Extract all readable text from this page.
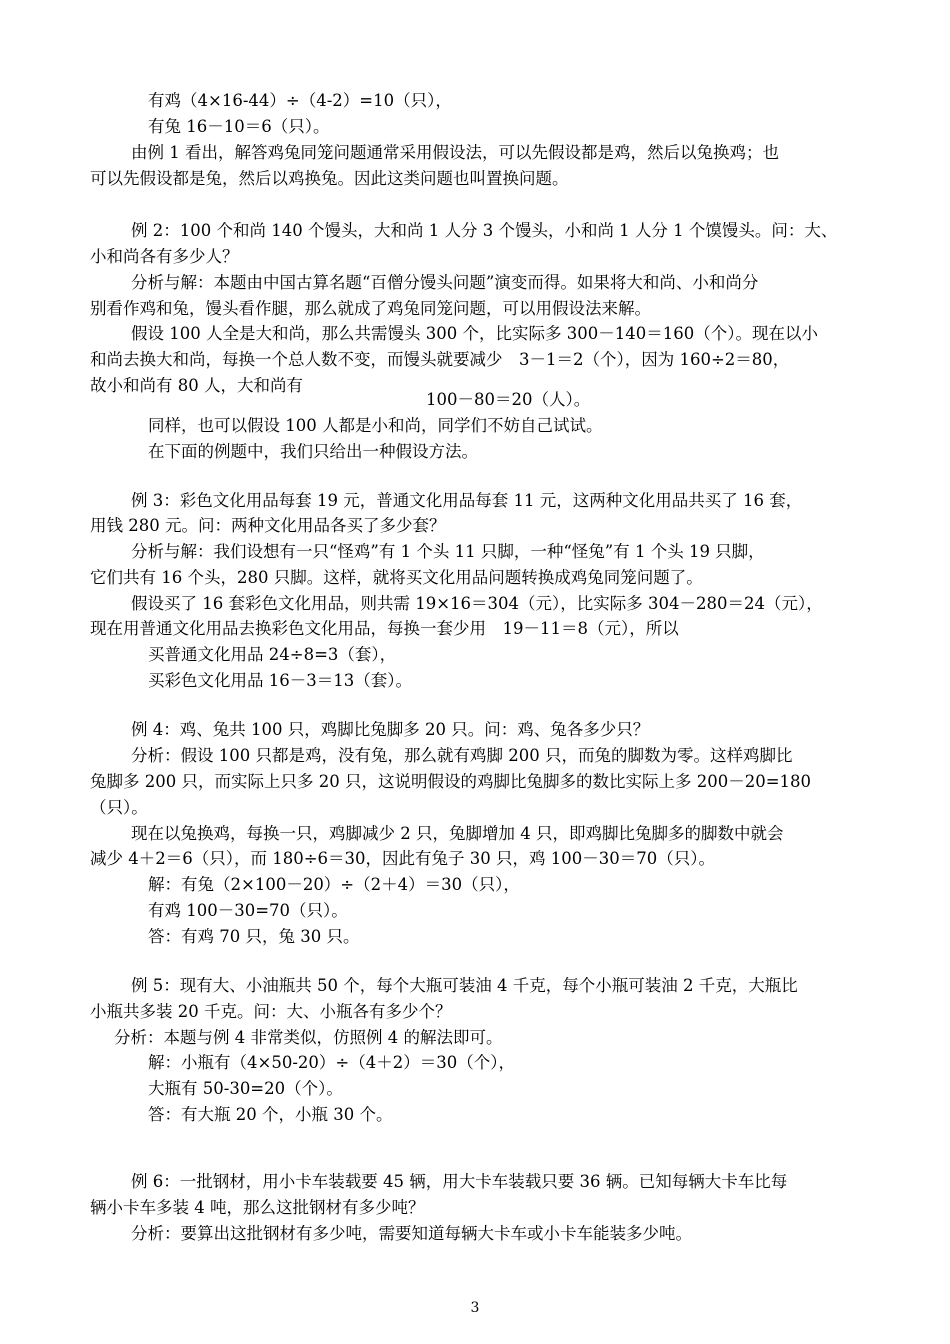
有鸡（4×16-44）÷（4-2）=10（只），
有兔 16－10＝6（只）。
由例 1 看出，解答鸡兔同笼问题通常采用假设法，可以先假设都是鸡，然后以兔换鸡；也
可以先假设都是兔，然后以鸡换兔。因此这类问题也叫置换问题。
例 2：100 个和尚 140 个馒头，大和尚 1 人分 3 个馒头，小和尚 1 人分 1 个馍馒头。问：大、
小和尚各有多少人？
分析与解：本题由中国古算名题“百僧分馒头问题”演变而得。如果将大和尚、小和尚分
别看作鸡和兔，馒头看作腿，那么就成了鸡兔同笼问题，可以用假设法来解。
假设 100 人全是大和尚，那么共需馒头 300 个，比实际多 300－140＝160（个）。现在以小
和尚去换大和尚，每换一个总人数不变，而馒头就要减少　3－1＝2（个），因为 160÷2＝80，
故小和尚有 80 人，大和尚有
100－80＝20（人）。
同样，也可以假设 100 人都是小和尚，同学们不妨自己试试。
在下面的例题中，我们只给出一种假设方法。
例 3：彩色文化用品每套 19 元，普通文化用品每套 11 元，这两种文化用品共买了 16 套，
用钱 280 元。问：两种文化用品各买了多少套？
分析与解：我们设想有一只“怪鸡”有 1 个头 11 只脚，一种“怪兔”有 1 个头 19 只脚，
它们共有 16 个头，280 只脚。这样，就将买文化用品问题转换成鸡兔同笼问题了。
假设买了 16 套彩色文化用品，则共需 19×16＝304（元），比实际多 304－280＝24（元），
现在用普通文化用品去换彩色文化用品，每换一套少用　19－11＝8（元），所以
买普通文化用品 24÷8=3（套），
买彩色文化用品 16－3＝13（套）。
例 4：鸡、兔共 100 只，鸡脚比兔脚多 20 只。问：鸡、兔各多少只？
分析：假设 100 只都是鸡，没有兔，那么就有鸡脚 200 只，而兔的脚数为零。这样鸡脚比
兔脚多 200 只，而实际上只多 20 只，这说明假设的鸡脚比兔脚多的数比实际上多 200－20=180
（只）。
现在以兔换鸡，每换一只，鸡脚减少 2 只，兔脚增加 4 只，即鸡脚比兔脚多的脚数中就会
减少 4＋2＝6（只），而 180÷6＝30，因此有兔子 30 只，鸡 100－30＝70（只）。
解：有兔（2×100－20）÷（2＋4）＝30（只），
有鸡 100－30=70（只）。
答：有鸡 70 只，兔 30 只。
例 5：现有大、小油瓶共 50 个，每个大瓶可装油 4 千克，每个小瓶可装油 2 千克，大瓶比
小瓶共多装 20 千克。问：大、小瓶各有多少个？
分析：本题与例 4 非常类似，仿照例 4 的解法即可。
解：小瓶有（4×50-20）÷（4＋2）＝30（个），
大瓶有 50-30=20（个）。
答：有大瓶 20 个，小瓶 30 个。
例 6：一批钢材，用小卡车装载要 45 辆，用大卡车装载只要 36 辆。已知每辆大卡车比每
辆小卡车多装 4 吨，那么这批钢材有多少吨？
分析：要算出这批钢材有多少吨，需要知道每辆大卡车或小卡车能装多少吨。
3
